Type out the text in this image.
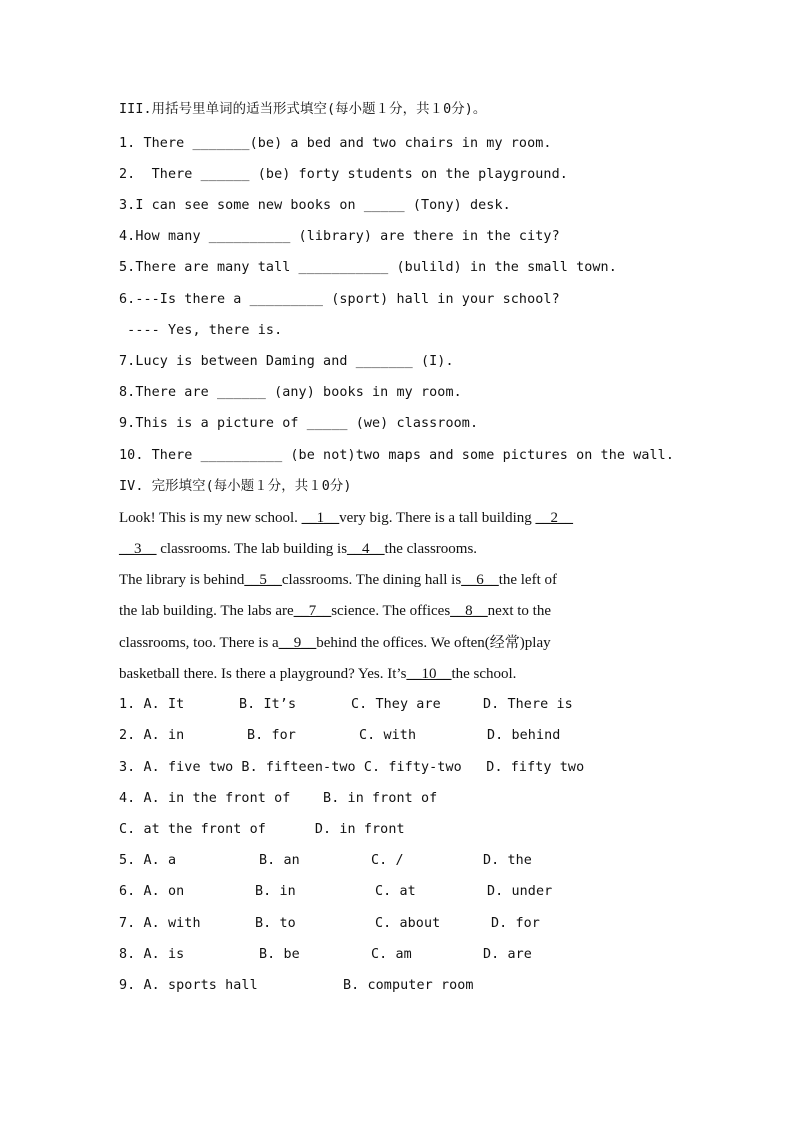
III.用括号里单词的适当形式填空(每小题１分，共１0分)。
1. There _______(be) a bed and two chairs in my room.
2.  There ______ (be) forty students on the playground.
3.I can see some new books on _____ (Tony) desk.
4.How many __________ (library) are there in the city?
5.There are many tall ___________ (bulild) in the small town.
6.---Is there a _________ (sport) hall in your school?
---- Yes, there is.
7.Lucy is between Daming and _______ (I).
8.There are ______ (any) books in my room.
9.This is a picture of _____ (we) classroom.
10. There __________ (be not)two maps and some pictures on the wall.
IV. 完形填空(每小题１分，共１0分)
Look! This is my new school. __1__very big. There is a tall building __2__
__3__ classrooms. The lab building is__4__the classrooms.
The library is behind__5__classrooms. The dining hall is__6__the left of
the lab building. The labs are__7__science. The offices__8__next to the
classrooms, too. There is a__9__behind the offices. We often(经常)play
basketball there. Is there a playground? Yes. It’s__10__the school.

1. A. It

	B. It’s

	C. They are

	D. There is

2. A. in

	B. for

	C. with

	D. behind

3. A. five two B. fifteen-two C. fifty-two   D. fifty two
4. A. in the front of    B. in front of
C. at the front of      D. in front

5. A. a

	B. an

	C. /

	D. the

6. A. on

	B. in

	C. at

	D. under

7. A. with

	B. to

	C. about

	D. for

8. A. is

	B. be

	C. am

	D. are

9. A. sports hall

	B. computer room
